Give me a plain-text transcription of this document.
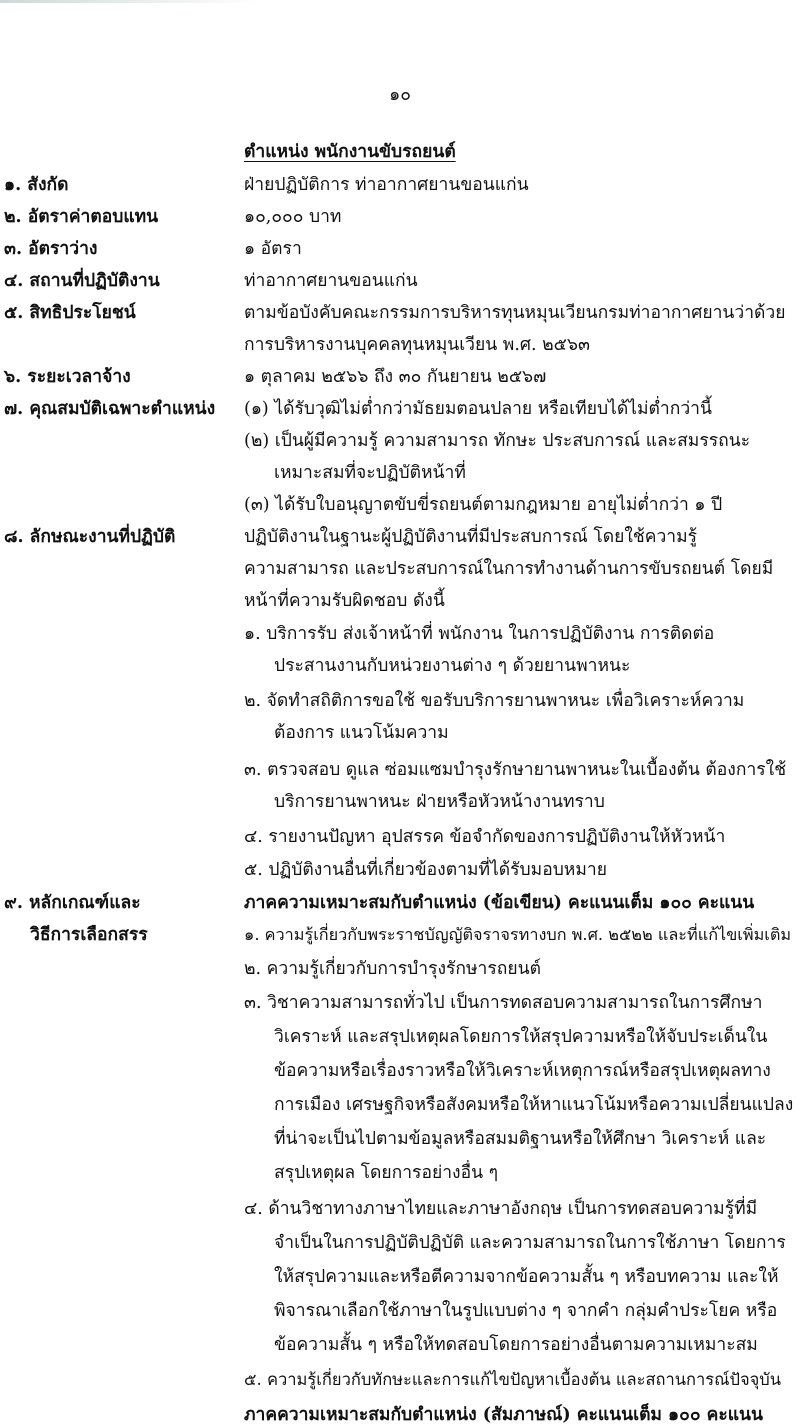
๑๐
ตำแหน่ง พนักงานขับรถยนต์
๑. สังกัด	ฝ่ายปฏิบัติการ ท่าอากาศยานขอนแก่น
๒. อัตราค่าตอบแทน	๑๐,๐๐๐ บาท
๓. อัตราว่าง	๑ อัตรา
๔. สถานที่ปฏิบัติงาน	ท่าอากาศยานขอนแก่น
๕. สิทธิประโยชน์	ตามข้อบังคับคณะกรรมการบริหารทุนหมุนเวียนกรมท่าอากาศยานว่าด้วย
การบริหารงานบุคคลทุนหมุนเวียน พ.ศ. ๒๕๖๓
๖. ระยะเวลาจ้าง	๑ ตุลาคม ๒๕๖๖ ถึง ๓๐ กันยายน ๒๕๖๗
๗. คุณสมบัติเฉพาะตำแหน่ง (๑) ได้รับวุฒิไม่ต่ำกว่ามัธยมตอนปลาย หรือเทียบได้ไม่ต่ำกว่านี้
(๒) เป็นผู้มีความรู้ ความสามารถ ทักษะ ประสบการณ์ และสมรรถนะ
เหมาะสมที่จะปฏิบัติหน้าที่
(๓) ได้รับใบอนุญาตขับขี่รถยนต์ตามกฎหมาย อายุไม่ต่ำกว่า ๑ ปี
๘. ลักษณะงานที่ปฏิบัติ	ปฏิบัติงานในฐานะผู้ปฏิบัติงานที่มีประสบการณ์ โดยใช้ความรู้
ความสามารถ และประสบการณ์ในการทำงานด้านการขับรถยนต์ โดยมี
หน้าที่ความรับผิดชอบ ดังนี้
๑. บริการรับ ส่งเจ้าหน้าที่ พนักงาน ในการปฏิบัติงาน การติดต่อ
ประสานงานกับหน่วยงานต่าง ๆ ด้วยยานพาหนะ
๒. จัดทำสถิติการขอใช้ ขอรับบริการยานพาหนะ เพื่อวิเคราะห์ความ
ต้องการ แนวโน้มความ
๓. ตรวจสอบ ดูแล ซ่อมแซมบำรุงรักษายานพาหนะในเบื้องต้น ต้องการใช้
บริการยานพาหนะ ฝ่ายหรือหัวหน้างานทราบ
๔. รายงานปัญหา อุปสรรค ข้อจำกัดของการปฏิบัติงานให้หัวหน้า
๕. ปฏิบัติงานอื่นที่เกี่ยวข้องตามที่ได้รับมอบหมาย
๙. หลักเกณฑ์และ
วิธีการเลือกสรร
ภาคความเหมาะสมกับตำแหน่ง (ข้อเขียน) คะแนนเต็ม ๑๐๐ คะแนน
๑. ความรู้เกี่ยวกับพระราชบัญญัติจราจรทางบก พ.ศ. ๒๕๒๒ และที่แก้ไขเพิ่มเติม
๒. ความรู้เกี่ยวกับการบำรุงรักษารถยนต์
๓. วิชาความสามารถทั่วไป เป็นการทดสอบความสามารถในการศึกษา
วิเคราะห์ และสรุปเหตุผลโดยการให้สรุปความหรือให้จับประเด็นใน
ข้อความหรือเรื่องราวหรือให้วิเคราะห์เหตุการณ์หรือสรุปเหตุผลทาง
การเมือง เศรษฐกิจหรือสังคมหรือให้หาแนวโน้มหรือความเปลี่ยนแปลง
ที่น่าจะเป็นไปตามข้อมูลหรือสมมติฐานหรือให้ศึกษา วิเคราะห์ และ
สรุปเหตุผล โดยการอย่างอื่น ๆ
๔. ด้านวิชาทางภาษาไทยและภาษาอังกฤษ เป็นการทดสอบความรู้ที่มี
จำเป็นในการปฏิบัติปฏิบัติ และความสามารถในการใช้ภาษา โดยการ
ให้สรุปความและหรือตีความจากข้อความสั้น ๆ หรือบทความ และให้
พิจารณาเลือกใช้ภาษาในรูปแบบต่าง ๆ จากคำ กลุ่มคำประโยค หรือ
ข้อความสั้น ๆ หรือให้ทดสอบโดยการอย่างอื่นตามความเหมาะสม
๕. ความรู้เกี่ยวกับทักษะและการแก้ไขปัญหาเบื้องต้น และสถานการณ์ปัจจุบัน
ภาคความเหมาะสมกับตำแหน่ง (สัมภาษณ์) คะแนนเต็ม ๑๐๐ คะแนน
